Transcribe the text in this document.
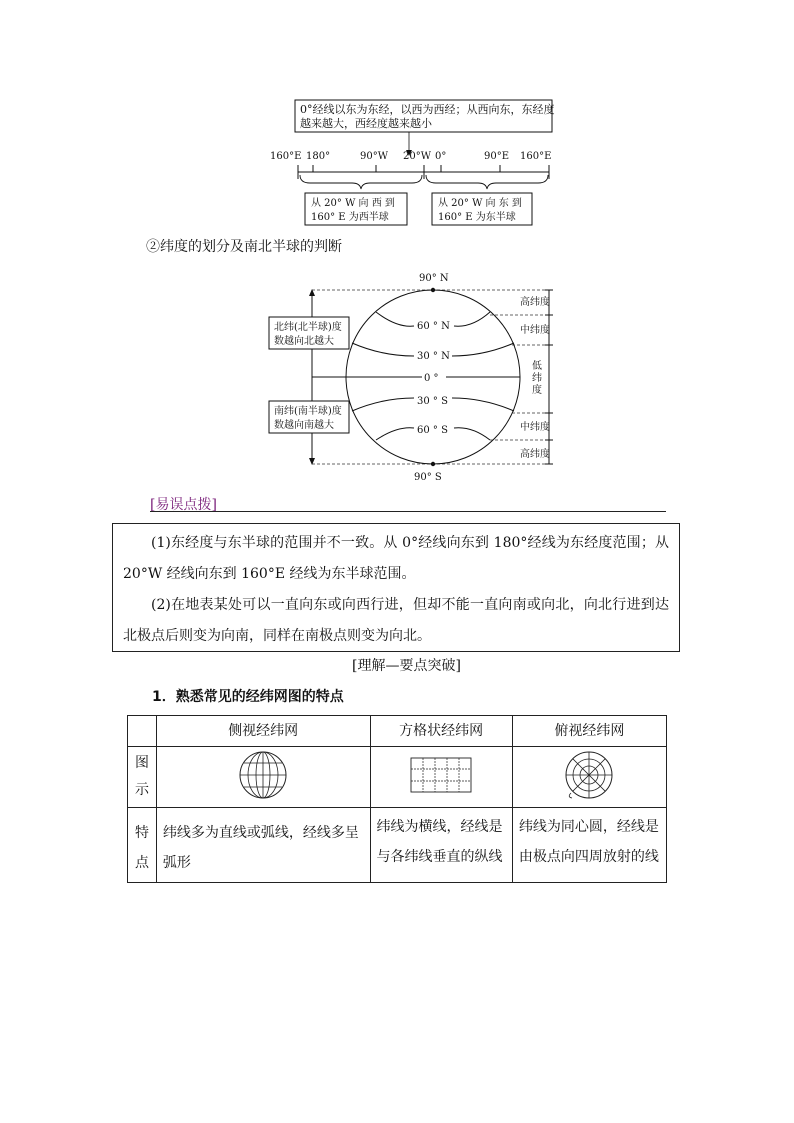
0°经线以东为东经，以西为西经；从西向东，东经度
越来越大，西经度越来越小
160°E 180°	90°W 20°W 0°	90°E 160°E
从 20° W 向 西 到
160° E 为西半球
从 20° W 向 东 到
160° E 为东半球
②纬度的划分及南北半球的判断
90° N
90° S
60 ° N
30 ° N
0 °
30 ° S
60 ° S
北纬(北半球)度
数越向北越大
南纬(南半球)度
数越向南越大
高纬度
中纬度
低
纬
度
中纬度
高纬度
[易误点拨]

(1)东经度与东半球的范围并不一致。从 0°经线向东到 180°经线为东经度范围；从 20°W 经线向东到 160°E 经线为东半球范围。

(2)在地表某处可以一直向东或向西行进，但却不能一直向南或向北，向北行进到达北极点后则变为向南，同样在南极点则变为向北。

[理解—要点突破]
1．熟悉常见的经纬网图的特点
	侧视经纬网	方格状经纬网	俯视经纬网
图示			
特点	纬线多为直线或弧线，经线多呈弧形	纬线为横线，经线是与各纬线垂直的纵线	纬线为同心圆，经线是由极点向四周放射的线
